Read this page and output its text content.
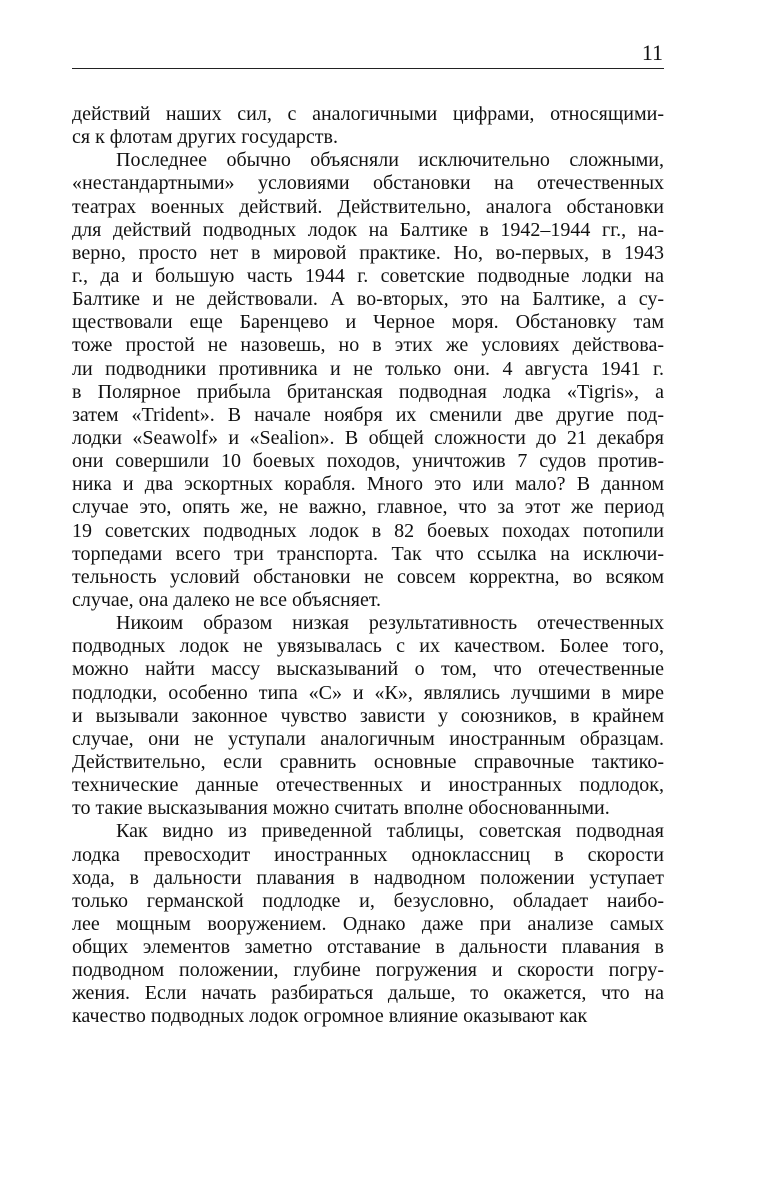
11
действий наших сил, с аналогичными цифрами, относящими-
ся к флотам других государств.
Последнее обычно объясняли исключительно сложными,
«нестандартными» условиями обстановки на отечественных
театрах военных действий. Действительно, аналога обстановки
для действий подводных лодок на Балтике в 1942–1944 гг., на-
верно, просто нет в мировой практике. Но, во-первых, в 1943
г., да и большую часть 1944 г. советские подводные лодки на
Балтике и не действовали. А во-вторых, это на Балтике, а су-
ществовали еще Баренцево и Черное моря. Обстановку там
тоже простой не назовешь, но в этих же условиях действова-
ли подводники противника и не только они. 4 августа 1941 г.
в Полярное прибыла британская подводная лодка «Tigris», а
затем «Trident». В начале ноября их сменили две другие под-
лодки «Seawolf» и «Sealion». В общей сложности до 21 декабря
они совершили 10 боевых походов, уничтожив 7 судов против-
ника и два эскортных корабля. Много это или мало? В данном
случае это, опять же, не важно, главное, что за этот же период
19 советских подводных лодок в 82 боевых походах потопили
торпедами всего три транспорта. Так что ссылка на исключи-
тельность условий обстановки не совсем корректна, во всяком
случае, она далеко не все объясняет.
Никоим образом низкая результативность отечественных
подводных лодок не увязывалась с их качеством. Более того,
можно найти массу высказываний о том, что отечественные
подлодки, особенно типа «С» и «К», являлись лучшими в мире
и вызывали законное чувство зависти у союзников, в крайнем
случае, они не уступали аналогичным иностранным образцам.
Действительно, если сравнить основные справочные тактико-
технические данные отечественных и иностранных подлодок,
то такие высказывания можно считать вполне обоснованными.
Как видно из приведенной таблицы, советская подводная
лодка превосходит иностранных одноклассниц в скорости
хода, в дальности плавания в надводном положении уступает
только германской подлодке и, безусловно, обладает наибо-
лее мощным вооружением. Однако даже при анализе самых
общих элементов заметно отставание в дальности плавания в
подводном положении, глубине погружения и скорости погру-
жения. Если начать разбираться дальше, то окажется, что на
качество подводных лодок огромное влияние оказывают как
